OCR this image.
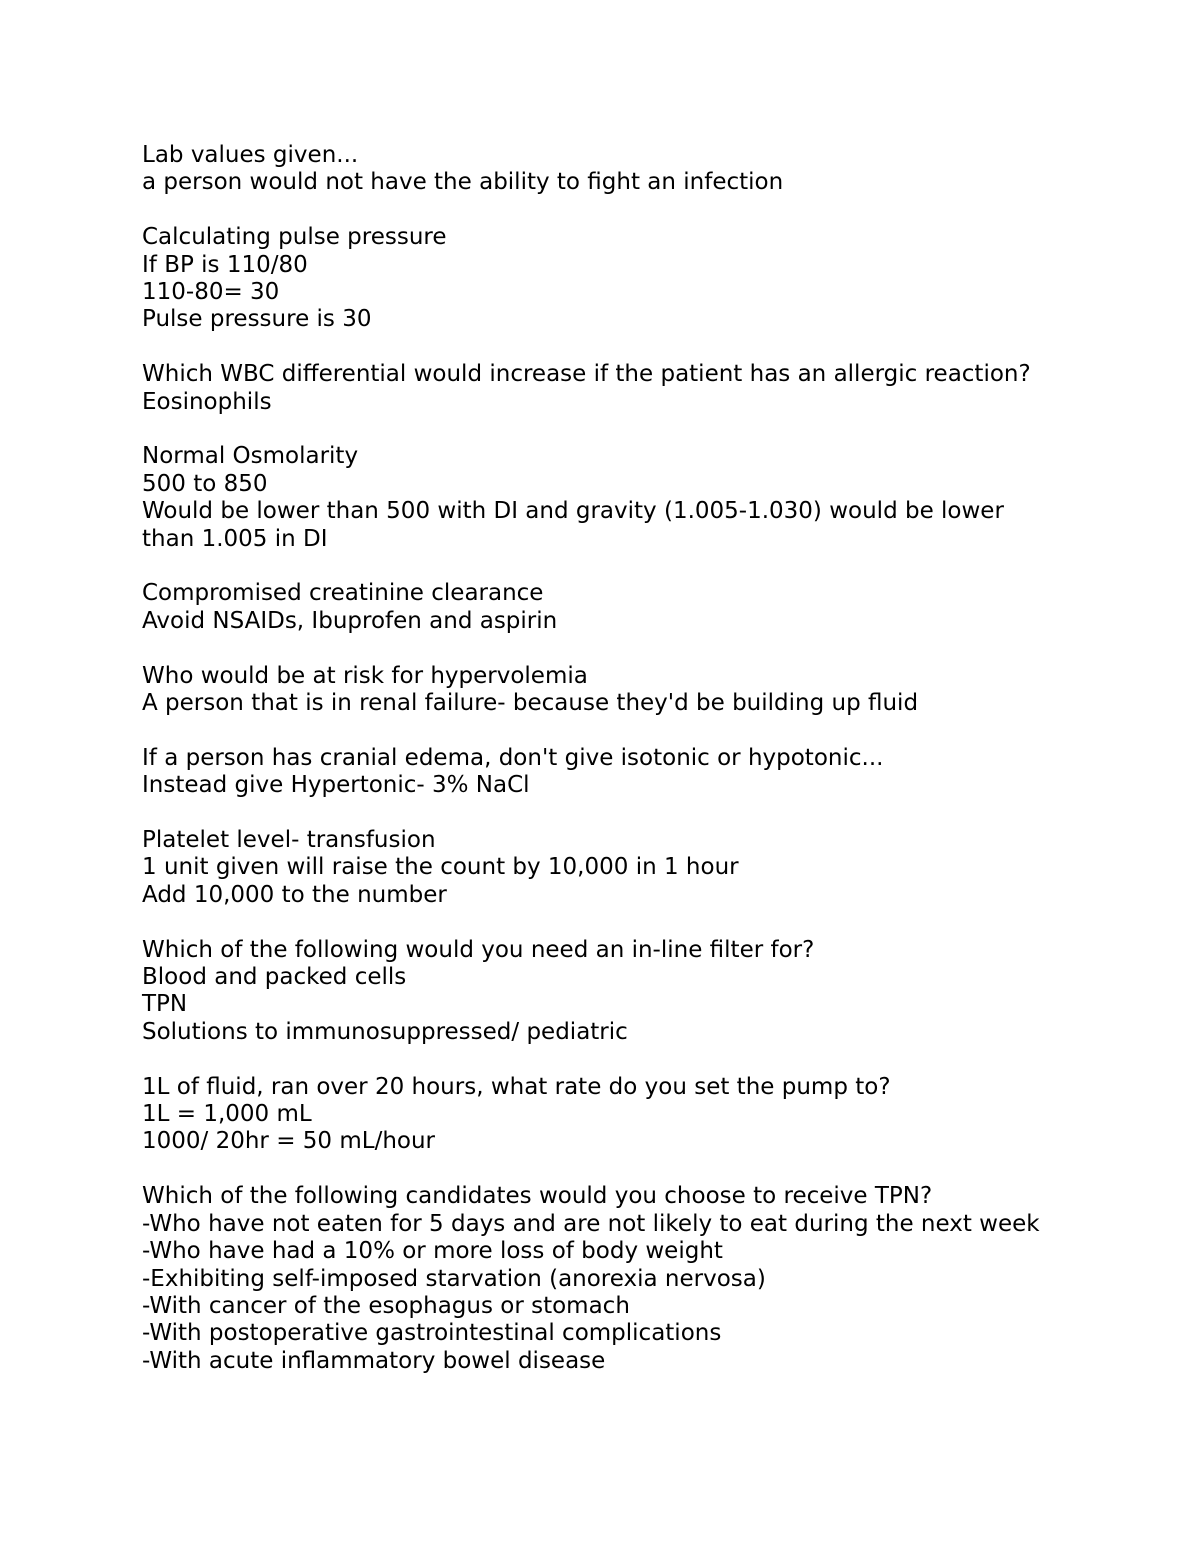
Lab values given...
a person would not have the ability to fight an infection
Calculating pulse pressure
If BP is 110/80
110-80= 30
Pulse pressure is 30
Which WBC differential would increase if the patient has an allergic reaction?
Eosinophils
Normal Osmolarity
500 to 850
Would be lower than 500 with DI and gravity (1.005-1.030) would be lower than 1.005 in DI
Compromised creatinine clearance
Avoid NSAIDs, Ibuprofen and aspirin
Who would be at risk for hypervolemia
A person that is in renal failure- because they'd be building up fluid
If a person has cranial edema, don't give isotonic or hypotonic...
Instead give Hypertonic- 3% NaCl
Platelet level- transfusion
1 unit given will raise the count by 10,000 in 1 hour
Add 10,000 to the number
Which of the following would you need an in-line filter for?
Blood and packed cells
TPN
Solutions to immunosuppressed/ pediatric
1L of fluid, ran over 20 hours, what rate do you set the pump to?
1L = 1,000 mL
1000/ 20hr = 50 mL/hour
Which of the following candidates would you choose to receive TPN?
-Who have not eaten for 5 days and are not likely to eat during the next week
-Who have had a 10% or more loss of body weight
-Exhibiting self-imposed starvation (anorexia nervosa)
-With cancer of the esophagus or stomach
-With postoperative gastrointestinal complications
-With acute inflammatory bowel disease
